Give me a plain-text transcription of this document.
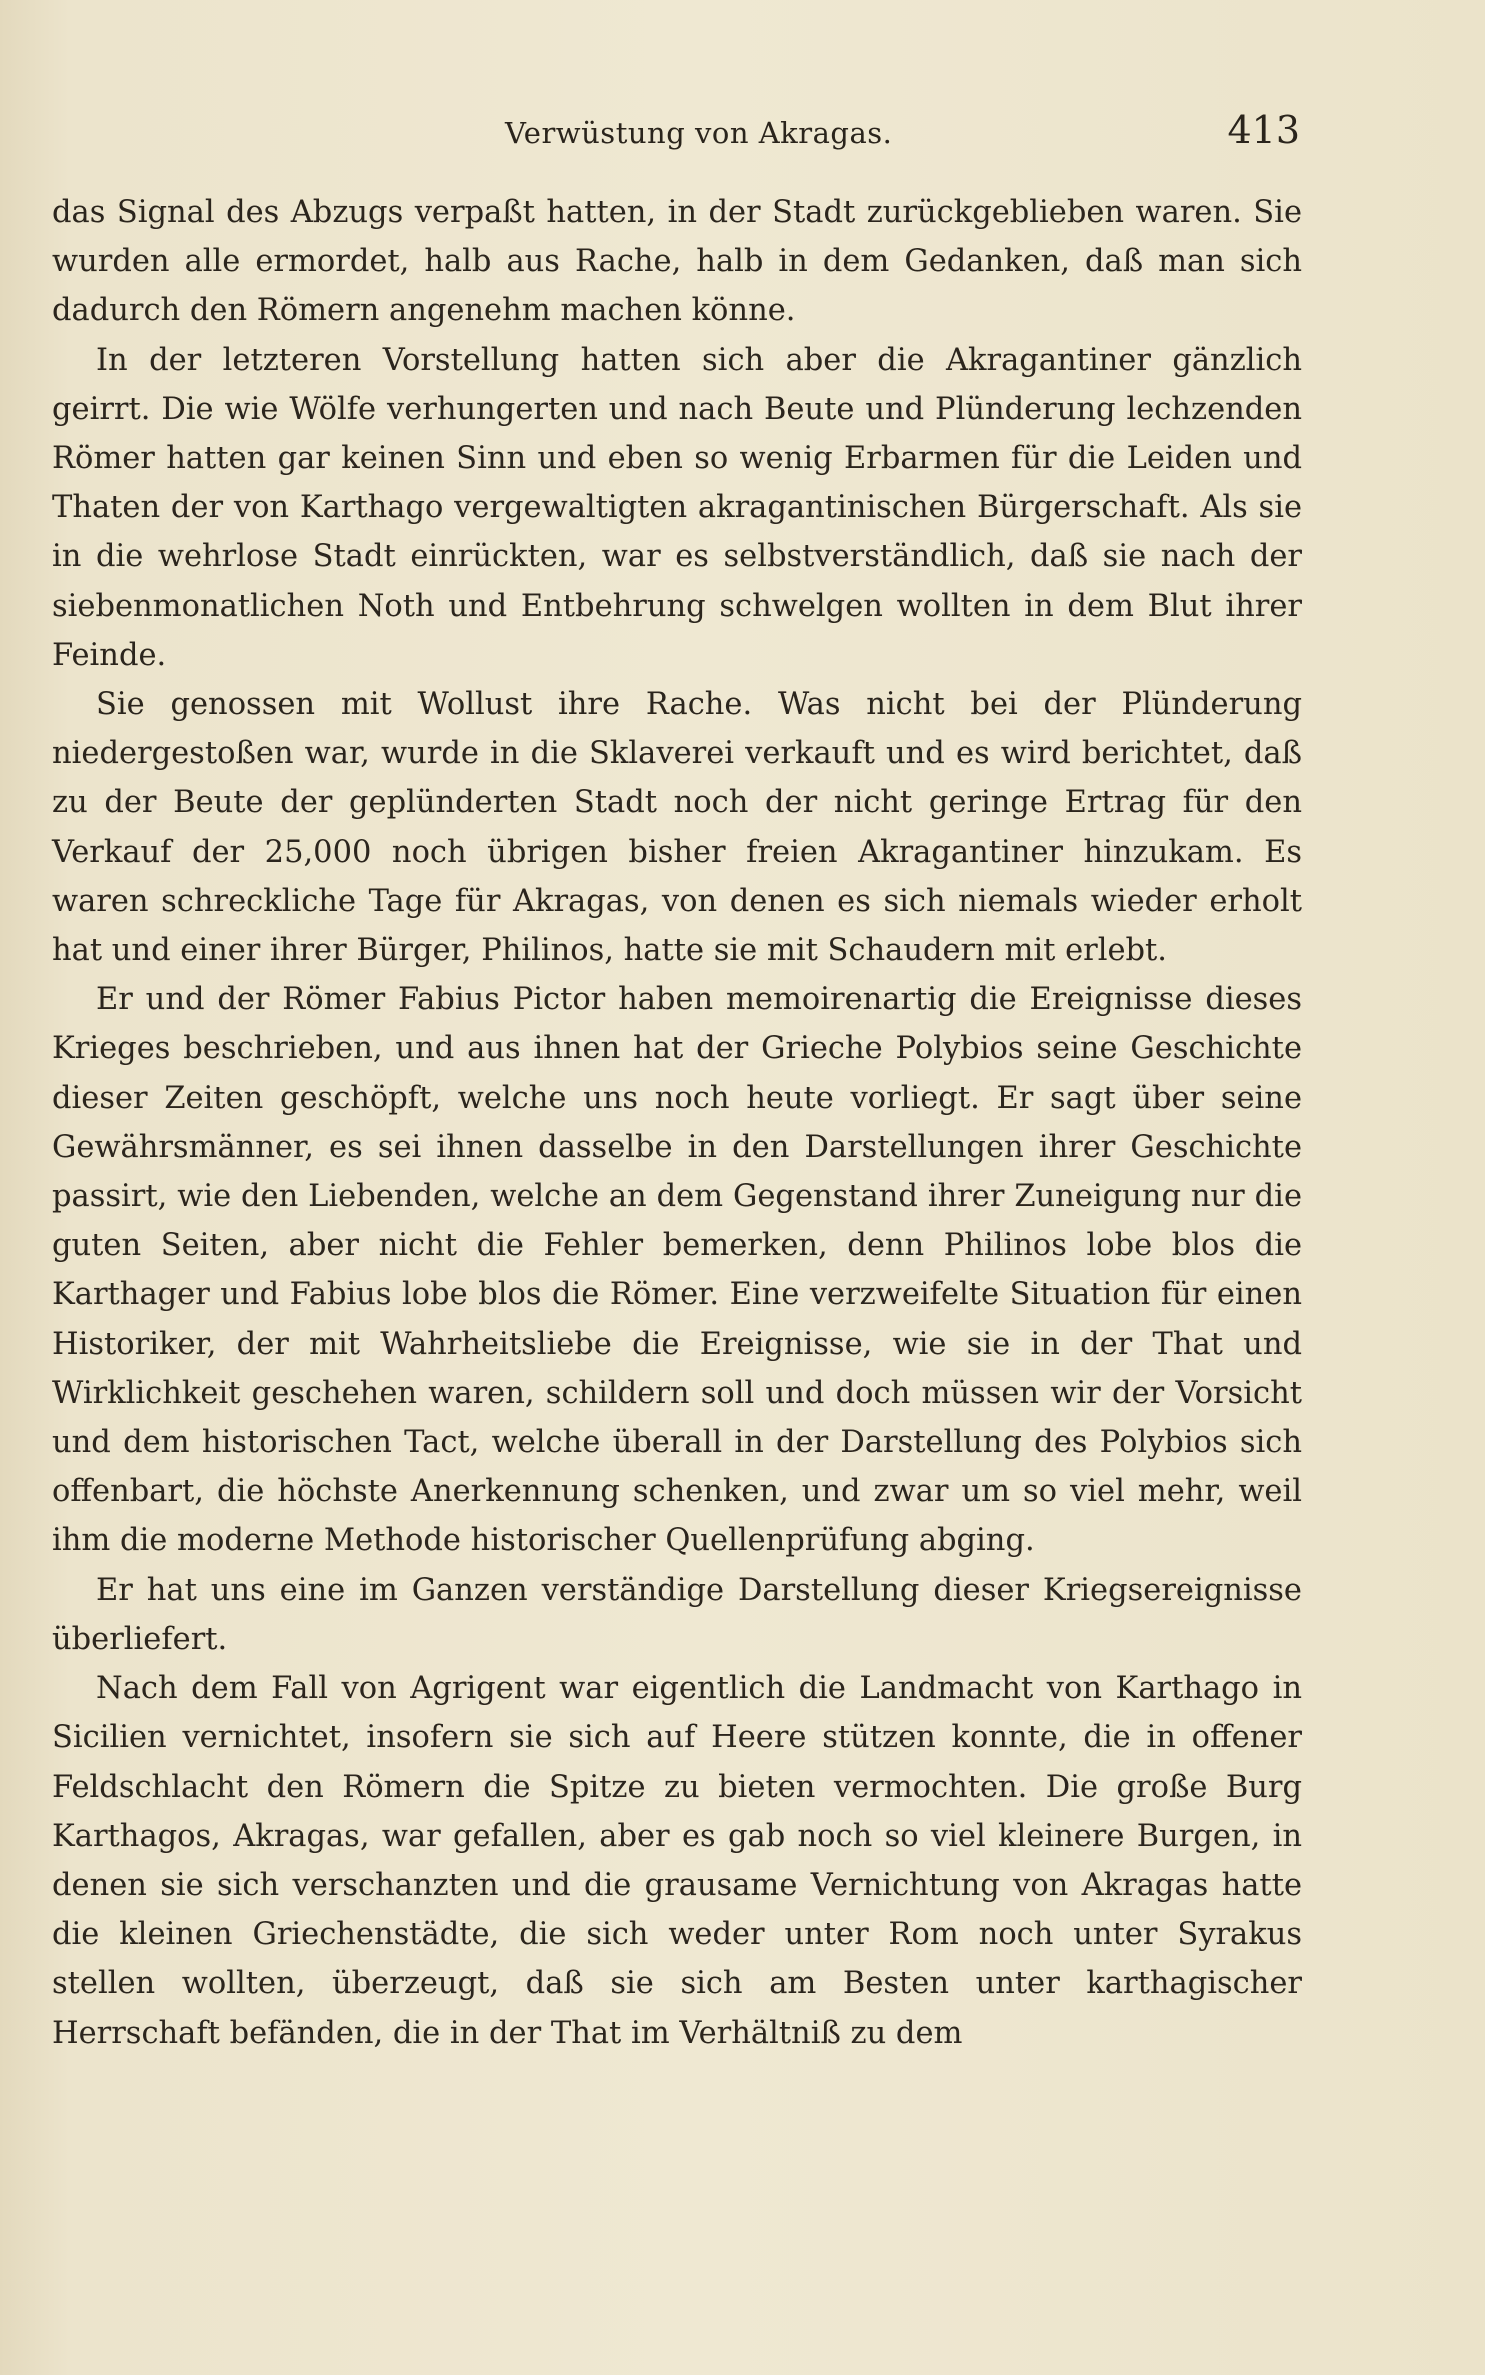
Verwüstung von Akragas.	413

das Signal des Abzugs verpaßt hatten, in der Stadt zurückgeblieben waren. Sie wurden alle ermordet, halb aus Rache, halb in dem Gedanken, daß man sich dadurch den Römern angenehm machen könne.

In der letzteren Vorstellung hatten sich aber die Akragantiner gänzlich geirrt. Die wie Wölfe verhungerten und nach Beute und Plünderung lechzenden Römer hatten gar keinen Sinn und eben so wenig Erbarmen für die Leiden und Thaten der von Karthago vergewaltigten akragantinischen Bürgerschaft. Als sie in die wehrlose Stadt einrückten, war es selbstverständlich, daß sie nach der siebenmonatlichen Noth und Entbehrung schwelgen wollten in dem Blut ihrer Feinde.

Sie genossen mit Wollust ihre Rache. Was nicht bei der Plünderung niedergestoßen war, wurde in die Sklaverei verkauft und es wird berichtet, daß zu der Beute der geplünderten Stadt noch der nicht geringe Ertrag für den Verkauf der 25,000 noch übrigen bisher freien Akragantiner hinzukam. Es waren schreckliche Tage für Akragas, von denen es sich niemals wieder erholt hat und einer ihrer Bürger, Philinos, hatte sie mit Schaudern mit erlebt.

Er und der Römer Fabius Pictor haben memoirenartig die Ereignisse dieses Krieges beschrieben, und aus ihnen hat der Grieche Polybios seine Geschichte dieser Zeiten geschöpft, welche uns noch heute vorliegt. Er sagt über seine Gewährsmänner, es sei ihnen dasselbe in den Darstellungen ihrer Geschichte passirt, wie den Liebenden, welche an dem Gegenstand ihrer Zuneigung nur die guten Seiten, aber nicht die Fehler bemerken, denn Philinos lobe blos die Karthager und Fabius lobe blos die Römer. Eine verzweifelte Situation für einen Historiker, der mit Wahrheitsliebe die Ereignisse, wie sie in der That und Wirklichkeit geschehen waren, schildern soll und doch müssen wir der Vorsicht und dem historischen Tact, welche überall in der Darstellung des Polybios sich offenbart, die höchste Anerkennung schenken, und zwar um so viel mehr, weil ihm die moderne Methode historischer Quellenprüfung abging.

Er hat uns eine im Ganzen verständige Darstellung dieser Kriegsereignisse überliefert.

Nach dem Fall von Agrigent war eigentlich die Landmacht von Karthago in Sicilien vernichtet, insofern sie sich auf Heere stützen konnte, die in offener Feldschlacht den Römern die Spitze zu bieten vermochten. Die große Burg Karthagos, Akragas, war gefallen, aber es gab noch so viel kleinere Burgen, in denen sie sich verschanzten und die grausame Vernichtung von Akragas hatte die kleinen Griechenstädte, die sich weder unter Rom noch unter Syrakus stellen wollten, überzeugt, daß sie sich am Besten unter karthagischer Herrschaft befänden, die in der That im Verhältniß zu dem
